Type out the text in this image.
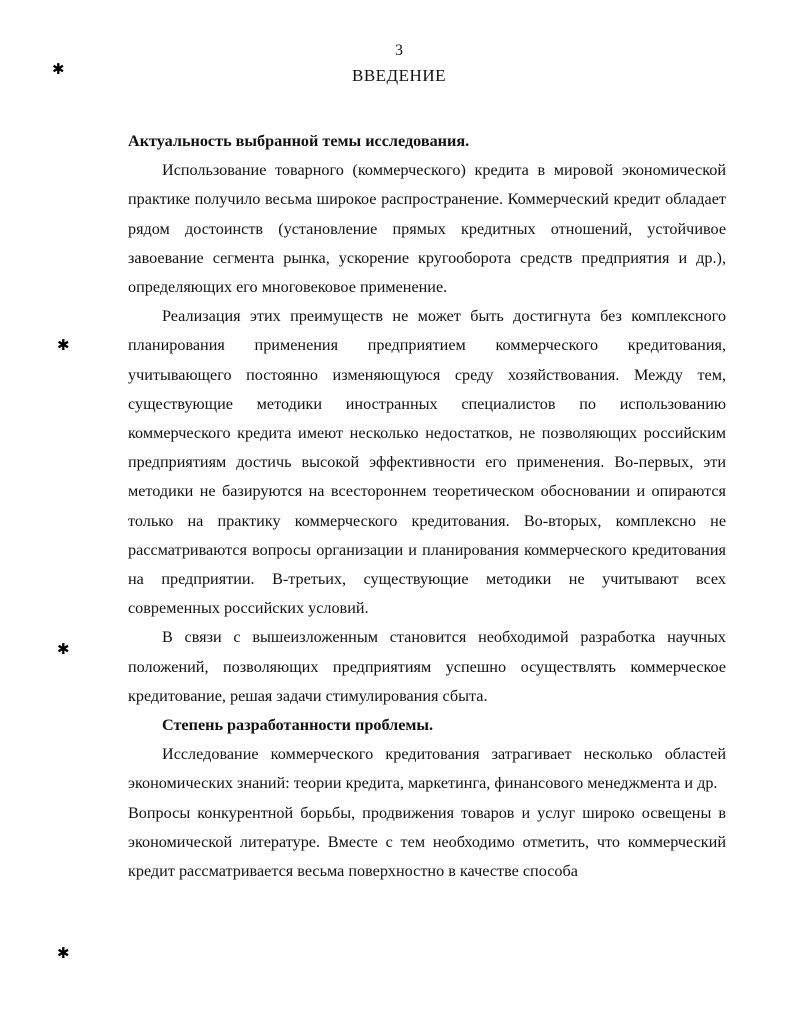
3
ВВЕДЕНИЕ
Актуальность выбранной темы исследования.

Использование товарного (коммерческого) кредита в мировой экономической практике получило весьма широкое распространение. Коммерческий кредит обладает рядом достоинств (установление прямых кредитных отношений, устойчивое завоевание сегмента рынка, ускорение кругооборота средств предприятия и др.), определяющих его многовековое применение.

Реализация этих преимуществ не может быть достигнута без комплексного планирования применения предприятием коммерческого кредитования, учитывающего постоянно изменяющуюся среду хозяйствования. Между тем, существующие методики иностранных специалистов по использованию коммерческого кредита имеют несколько недостатков, не позволяющих российским предприятиям достичь высокой эффективности его применения. Во-первых, эти методики не базируются на всестороннем теоретическом обосновании и опираются только на практику коммерческого кредитования. Во-вторых, комплексно не рассматриваются вопросы организации и планирования коммерческого кредитования на предприятии. В-третьих, существующие методики не учитывают всех современных российских условий.

В связи с вышеизложенным становится необходимой разработка научных положений, позволяющих предприятиям успешно осуществлять коммерческое кредитование, решая задачи стимулирования сбыта.

Степень разработанности проблемы.

Исследование коммерческого кредитования затрагивает несколько областей экономических знаний: теории кредита, маркетинга, финансового менеджмента и др.

Вопросы конкурентной борьбы, продвижения товаров и услуг широко освещены в экономической литературе. Вместе с тем необходимо отметить, что коммерческий кредит рассматривается весьма поверхностно в качестве способа

✱
✱
✱
✱
